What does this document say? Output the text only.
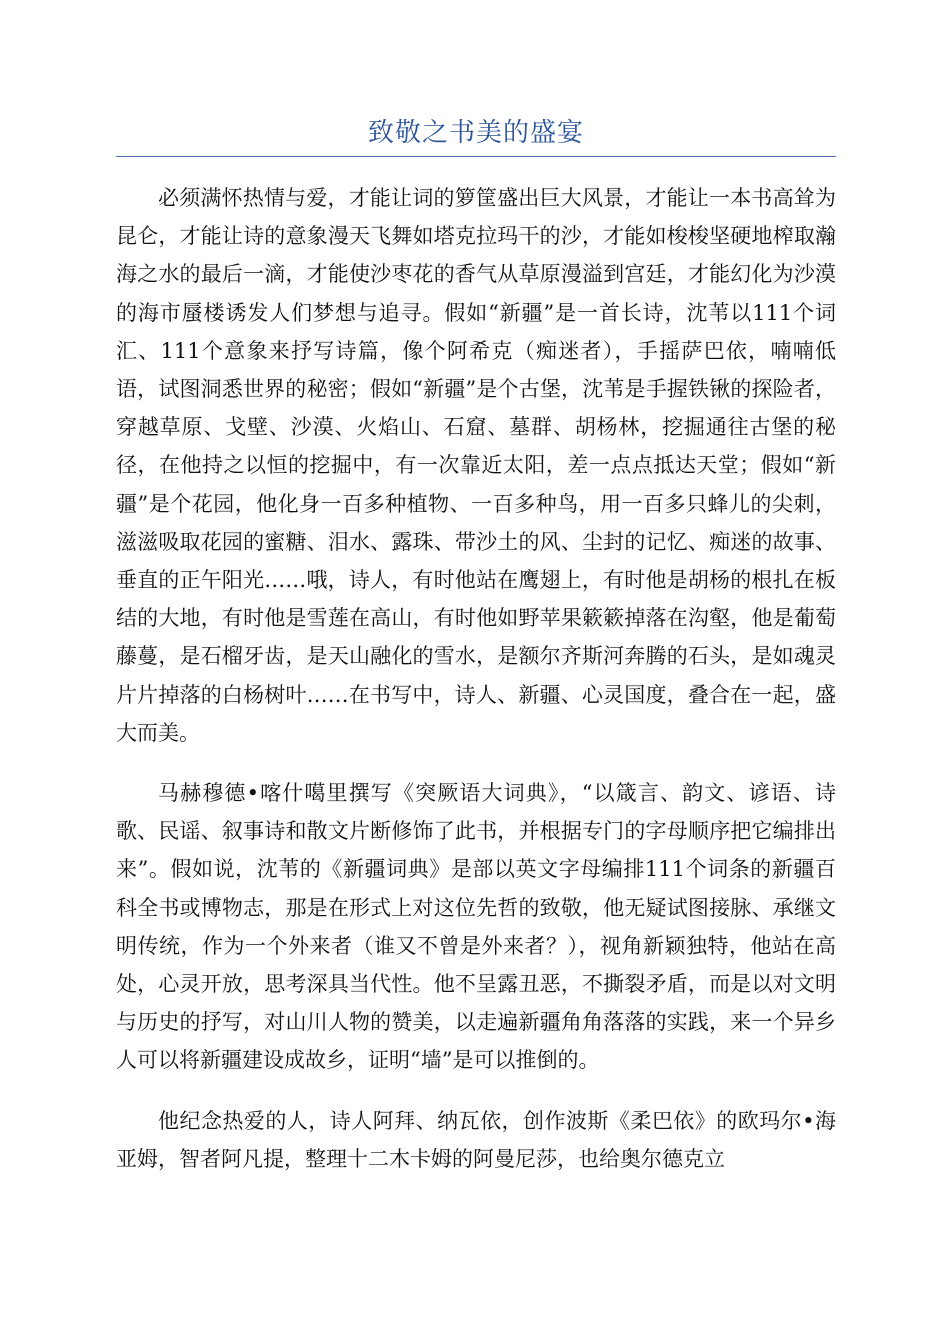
致敬之书美的盛宴

必须满怀热情与爱，才能让词的箩筐盛出巨大风景，才能让一本书高耸为昆仑，才能让诗的意象漫天飞舞如塔克拉玛干的沙，才能如梭梭坚硬地榨取瀚海之水的最后一滴，才能使沙枣花的香气从草原漫溢到宫廷，才能幻化为沙漠的海市蜃楼诱发人们梦想与追寻。假如“新疆”是一首长诗，沈苇以111个词汇、111个意象来抒写诗篇，像个阿希克（痴迷者），手摇萨巴依，喃喃低语，试图洞悉世界的秘密；假如“新疆”是个古堡，沈苇是手握铁锹的探险者，穿越草原、戈壁、沙漠、火焰山、石窟、墓群、胡杨林，挖掘通往古堡的秘径，在他持之以恒的挖掘中，有一次靠近太阳，差一点点抵达天堂；假如“新疆”是个花园，他化身一百多种植物、一百多种鸟，用一百多只蜂儿的尖刺，滋滋吸取花园的蜜糖、泪水、露珠、带沙土的风、尘封的记忆、痴迷的故事、垂直的正午阳光……哦，诗人，有时他站在鹰翅上，有时他是胡杨的根扎在板结的大地，有时他是雪莲在高山，有时他如野苹果簌簌掉落在沟壑，他是葡萄藤蔓，是石榴牙齿，是天山融化的雪水，是额尔齐斯河奔腾的石头，是如魂灵片片掉落的白杨树叶……在书写中，诗人、新疆、心灵国度，叠合在一起，盛大而美。

马赫穆德•喀什噶里撰写《突厥语大词典》，“以箴言、韵文、谚语、诗歌、民谣、叙事诗和散文片断修饰了此书，并根据专门的字母顺序把它编排出来”。假如说，沈苇的《新疆词典》是部以英文字母编排111个词条的新疆百科全书或博物志，那是在形式上对这位先哲的致敬，他无疑试图接脉、承继文明传统，作为一个外来者（谁又不曾是外来者？），视角新颖独特，他站在高处，心灵开放，思考深具当代性。他不呈露丑恶，不撕裂矛盾，而是以对文明与历史的抒写，对山川人物的赞美，以走遍新疆角角落落的实践，来一个异乡人可以将新疆建设成故乡，证明“墙”是可以推倒的。

他纪念热爱的人，诗人阿拜、纳瓦依，创作波斯《柔巴依》的欧玛尔•海亚姆，智者阿凡提，整理十二木卡姆的阿曼尼莎，也给奥尔德克立
